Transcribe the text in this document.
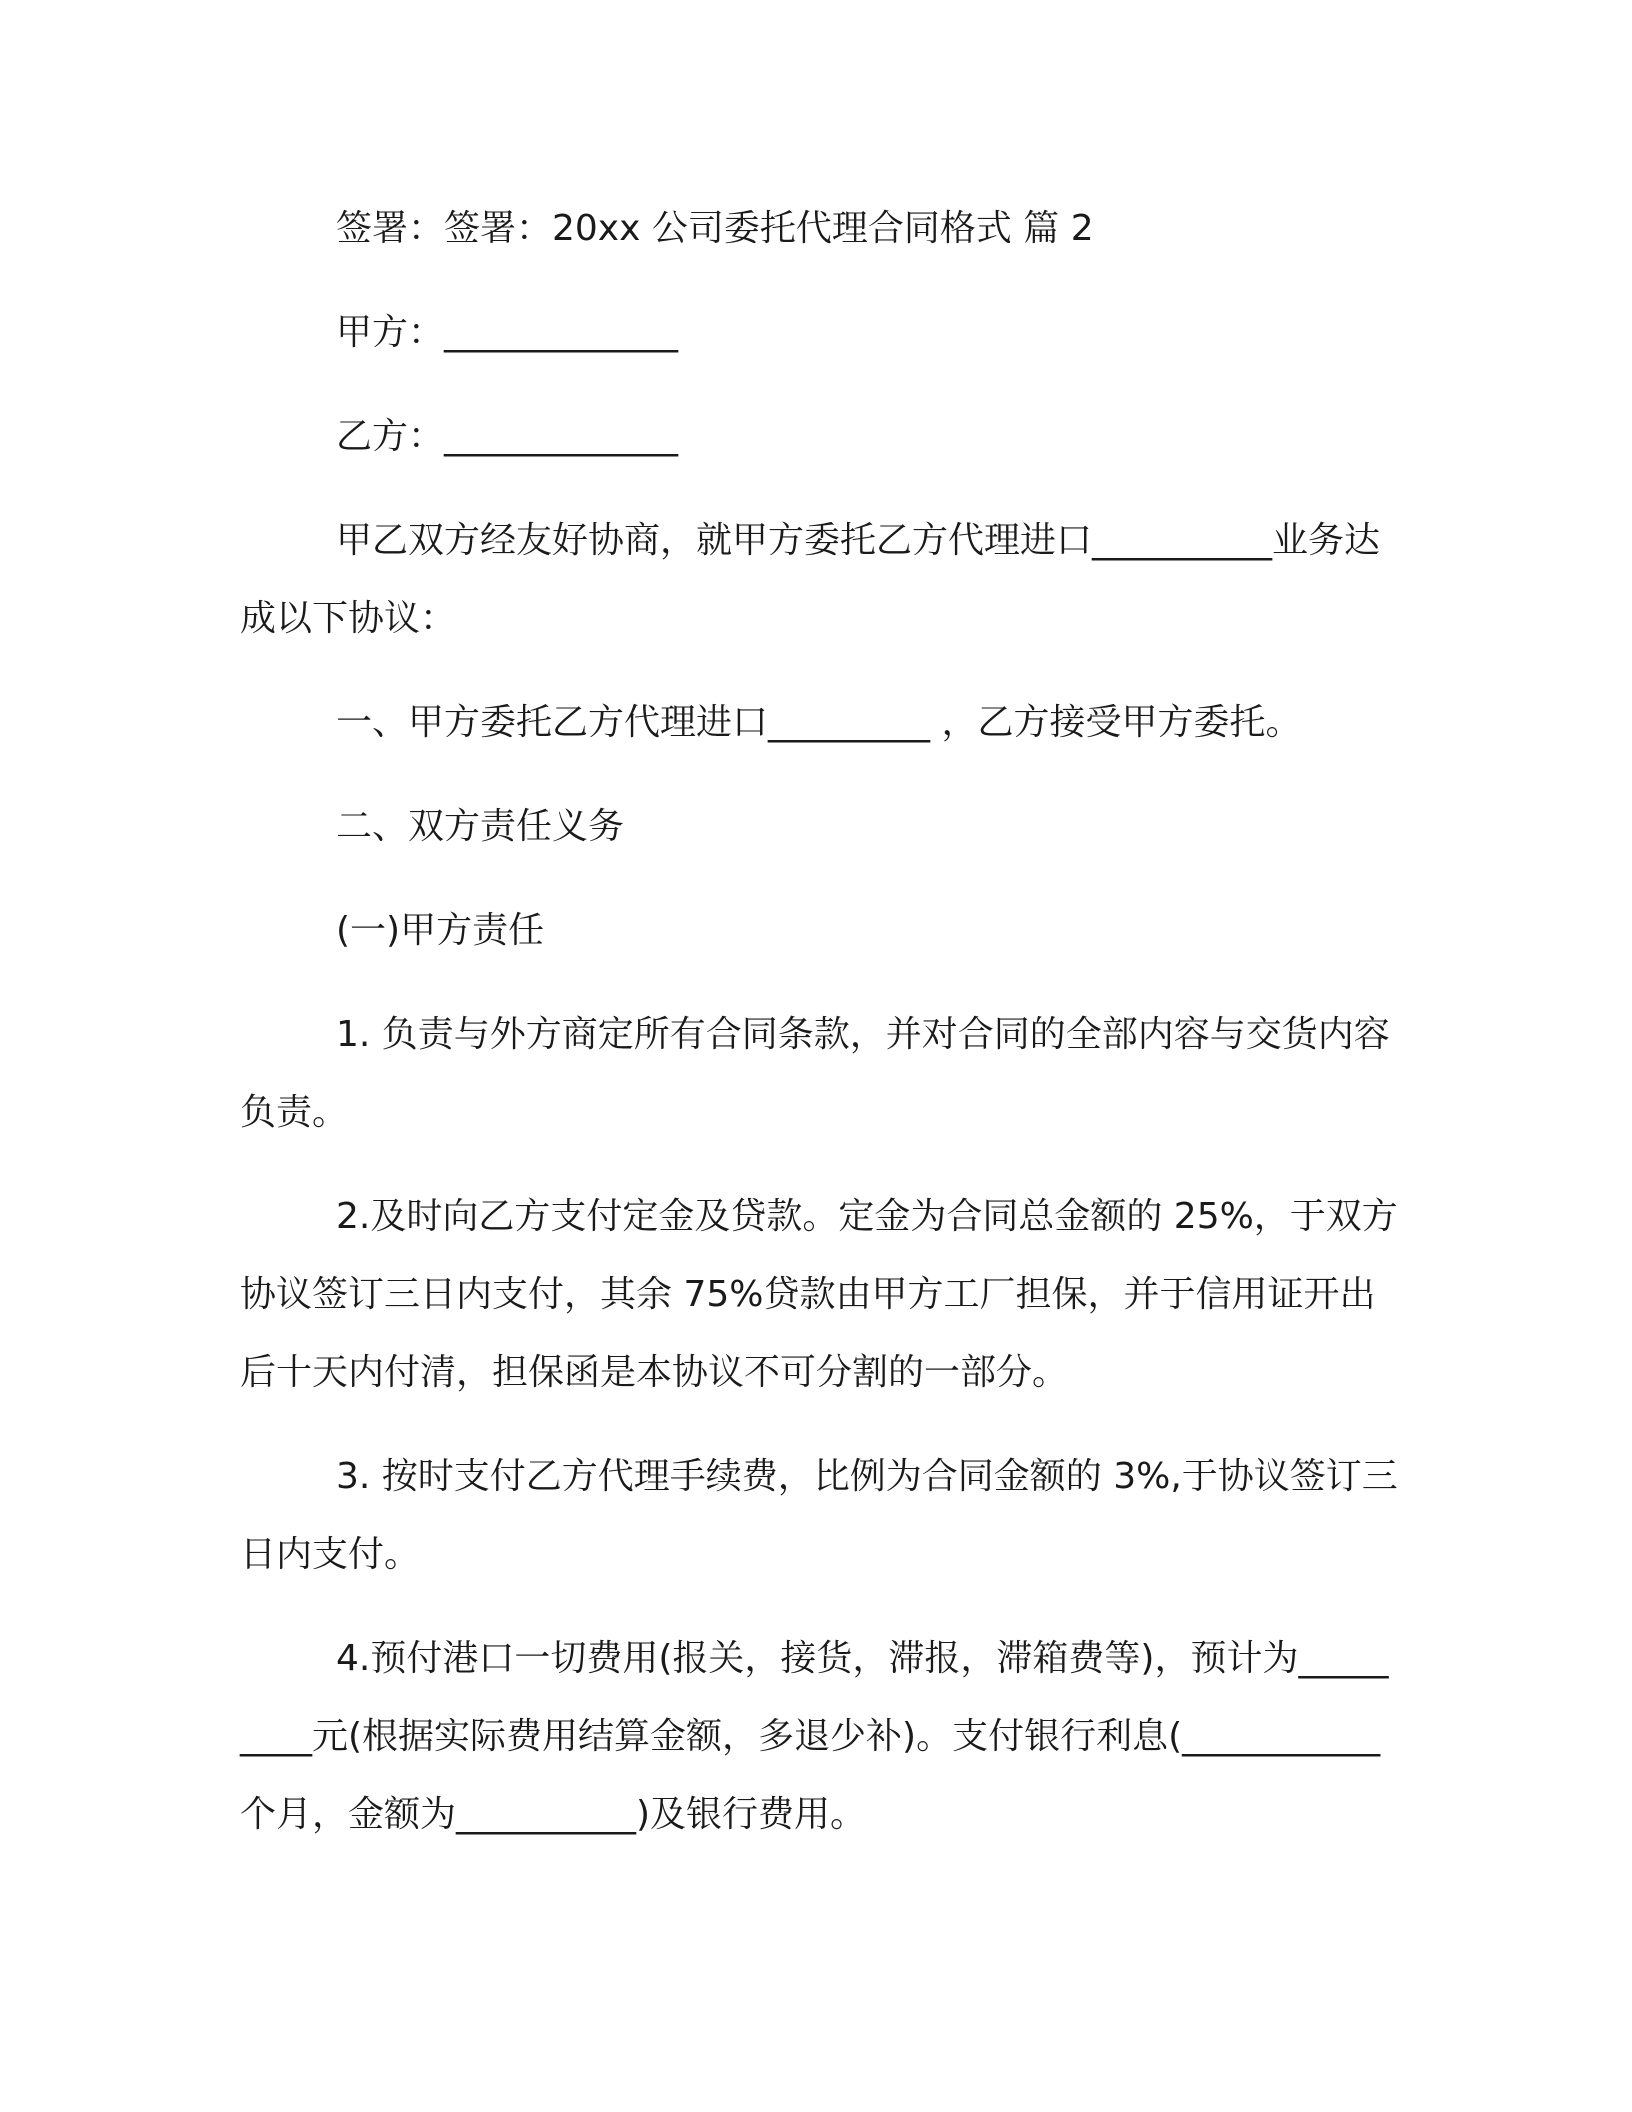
签署：签署：20xx 公司委托代理合同格式 篇 2

甲方：_____________

乙方：_____________

甲乙双方经友好协商，就甲方委托乙方代理进口__________业务达成以下协议：

一、甲方委托乙方代理进口_________ ，乙方接受甲方委托。

二、双方责任义务

(一)甲方责任

1. 负责与外方商定所有合同条款，并对合同的全部内容与交货内容负责。

2.及时向乙方支付定金及贷款。定金为合同总金额的 25%，于双方协议签订三日内支付，其余 75%贷款由甲方工厂担保，并于信用证开出后十天内付清，担保函是本协议不可分割的一部分。

3. 按时支付乙方代理手续费，比例为合同金额的 3%,于协议签订三日内支付。

4.预付港口一切费用(报关，接货，滞报，滞箱费等)，预计为_________元(根据实际费用结算金额，多退少补)。支付银行利息(___________个月，金额为__________)及银行费用。
